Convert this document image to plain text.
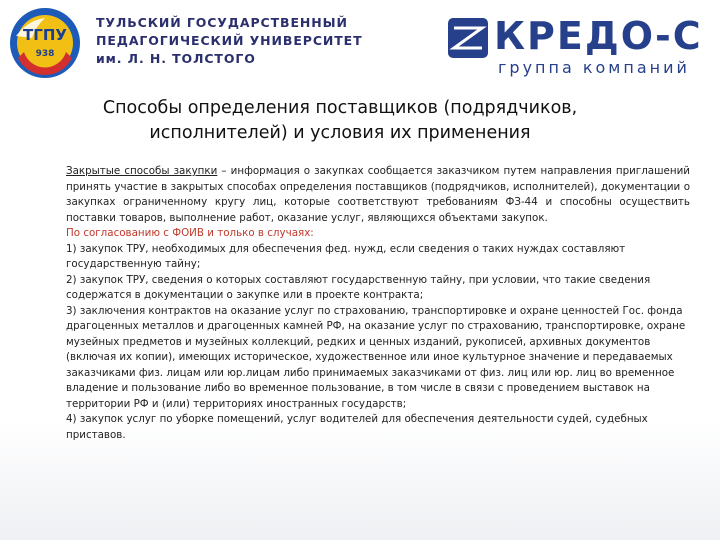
ТГПУ
938
ТУЛЬСКИЙ ГОСУДАРСТВЕННЫЙ
ПЕДАГОГИЧЕСКИЙ УНИВЕРСИТЕТ
им. Л. Н. ТОЛСТОГО
КРЕДО-С
группа компаний
Способы определения поставщиков (подрядчиков,
исполнителей) и условия их применения

Закрытые способы закупки – информация о закупках сообщается заказчиком путем направления приглашений принять участие в закрытых способах определения поставщиков (подрядчиков, исполнителей), документации о закупках ограниченному кругу лиц, которые соответствуют требованиям ФЗ-44 и способны осуществить поставки товаров, выполнение работ, оказание услуг, являющихся объектами закупок.

По согласованию с ФОИВ и только в случаях:

1) закупок ТРУ, необходимых для обеспечения фед. нужд, если сведения о таких нуждах составляют государственную тайну;

2) закупок ТРУ, сведения о которых составляют государственную тайну, при условии, что такие сведения содержатся в документации о закупке или в проекте контракта;

3) заключения контрактов на оказание услуг по страхованию, транспортировке и охране ценностей Гос. фонда драгоценных металлов и драгоценных камней РФ, на оказание услуг по страхованию, транспортировке, охране музейных предметов и музейных коллекций, редких и ценных изданий, рукописей, архивных документов (включая их копии), имеющих историческое, художественное или иное культурное значение и передаваемых заказчиками физ. лицам или юр.лицам либо принимаемых заказчиками от физ. лиц или юр. лиц во временное владение и пользование либо во временное пользование, в том числе в связи с проведением выставок на территории РФ и (или) территориях иностранных государств;

4) закупок услуг по уборке помещений, услуг водителей для обеспечения деятельности судей, судебных приставов.
